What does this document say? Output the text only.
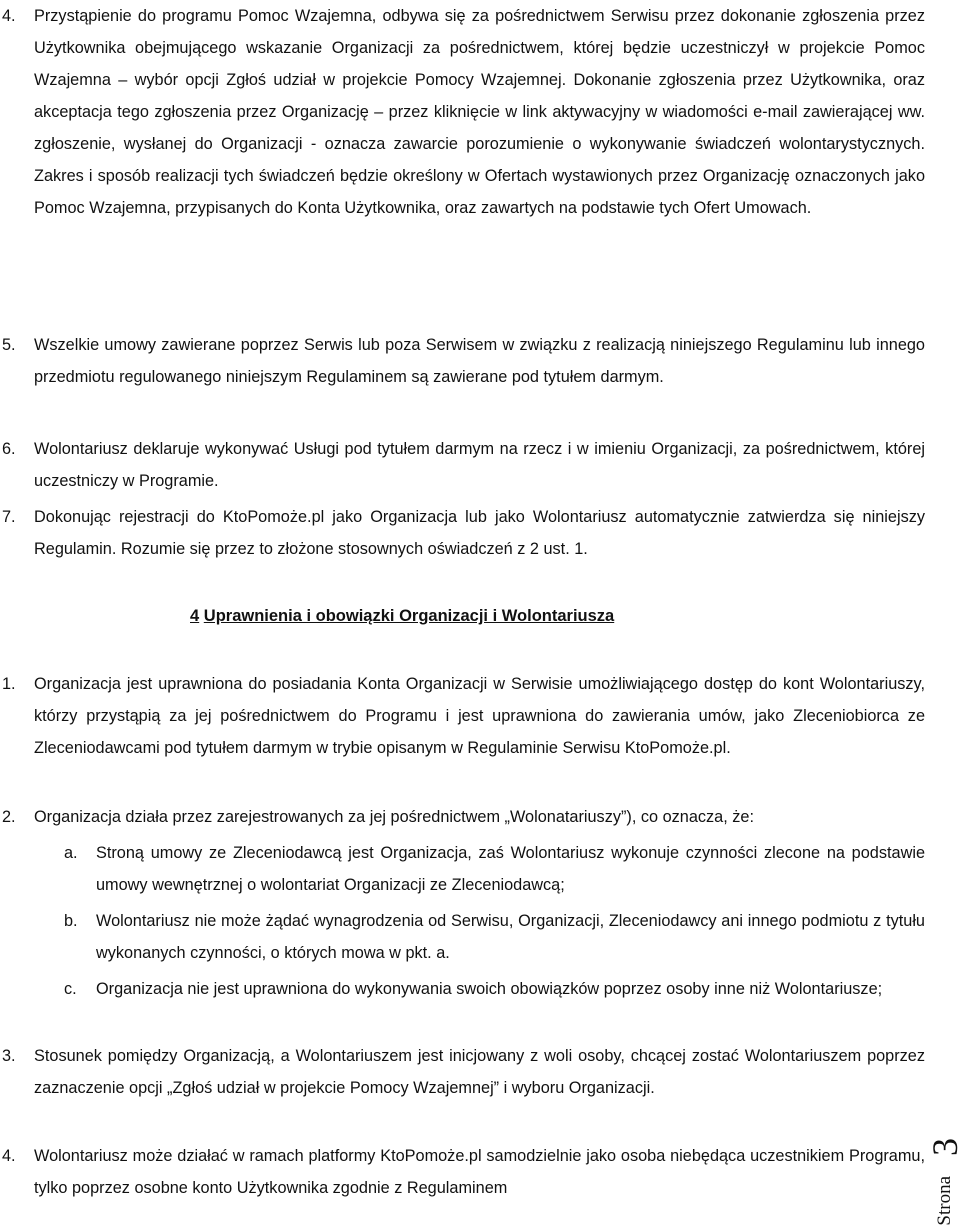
4. Przystąpienie do programu Pomoc Wzajemna, odbywa się za pośrednictwem Serwisu przez dokonanie zgłoszenia przez Użytkownika obejmującego wskazanie Organizacji za pośrednictwem, której będzie uczestniczył w projekcie Pomoc Wzajemna – wybór opcji Zgłoś udział w projekcie Pomocy Wzajemnej. Dokonanie zgłoszenia przez Użytkownika, oraz akceptacja tego zgłoszenia przez Organizację – przez kliknięcie w link aktywacyjny w wiadomości e-mail zawierającej ww. zgłoszenie, wysłanej do Organizacji - oznacza zawarcie porozumienie o wykonywanie świadczeń wolontarystycznych. Zakres i sposób realizacji tych świadczeń będzie określony w Ofertach wystawionych przez Organizację oznaczonych jako Pomoc Wzajemna, przypisanych do Konta Użytkownika, oraz zawartych na podstawie tych Ofert Umowach.
5. Wszelkie umowy zawierane poprzez Serwis lub poza Serwisem w związku z realizacją niniejszego Regulaminu lub innego przedmiotu regulowanego niniejszym Regulaminem są zawierane pod tytułem darmym.
6. Wolontariusz deklaruje wykonywać Usługi pod tytułem darmym na rzecz i w imieniu Organizacji, za pośrednictwem, której uczestniczy w Programie.
7. Dokonując rejestracji do KtoPomoże.pl jako Organizacja lub jako Wolontariusz automatycznie zatwierdza się niniejszy Regulamin. Rozumie się przez to złożone stosownych oświadczeń z 2 ust. 1.
4 Uprawnienia i obowiązki Organizacji i Wolontariusza
1. Organizacja jest uprawniona do posiadania Konta Organizacji w Serwisie umożliwiającego dostęp do kont Wolontariuszy, którzy przystąpią za jej pośrednictwem do Programu i jest uprawniona do zawierania umów, jako Zleceniobiorca ze Zleceniodawcami pod tytułem darmym w trybie opisanym w Regulaminie Serwisu KtoPomoże.pl.
2. Organizacja działa przez zarejestrowanych za jej pośrednictwem „Wolonatariuszy”), co oznacza, że:
a. Stroną umowy ze Zleceniodawcą jest Organizacja, zaś Wolontariusz wykonuje czynności zlecone na podstawie umowy wewnętrznej o wolontariat Organizacji ze Zleceniodawcą;
b. Wolontariusz nie może żądać wynagrodzenia od Serwisu, Organizacji, Zleceniodawcy ani innego podmiotu z tytułu wykonanych czynności, o których mowa w pkt. a.
c. Organizacja nie jest uprawniona do wykonywania swoich obowiązków poprzez osoby inne niż Wolontariusze;
3. Stosunek pomiędzy Organizacją, a Wolontariuszem jest inicjowany z woli osoby, chcącej zostać Wolontariuszem poprzez zaznaczenie opcji „Zgłoś udział w projekcie Pomocy Wzajemnej” i wyboru Organizacji.
4. Wolontariusz może działać w ramach platformy KtoPomoże.pl samodzielnie jako osoba niebędąca uczestnikiem Programu, tylko poprzez osobne konto Użytkownika zgodnie z Regulaminem
3
Strona
